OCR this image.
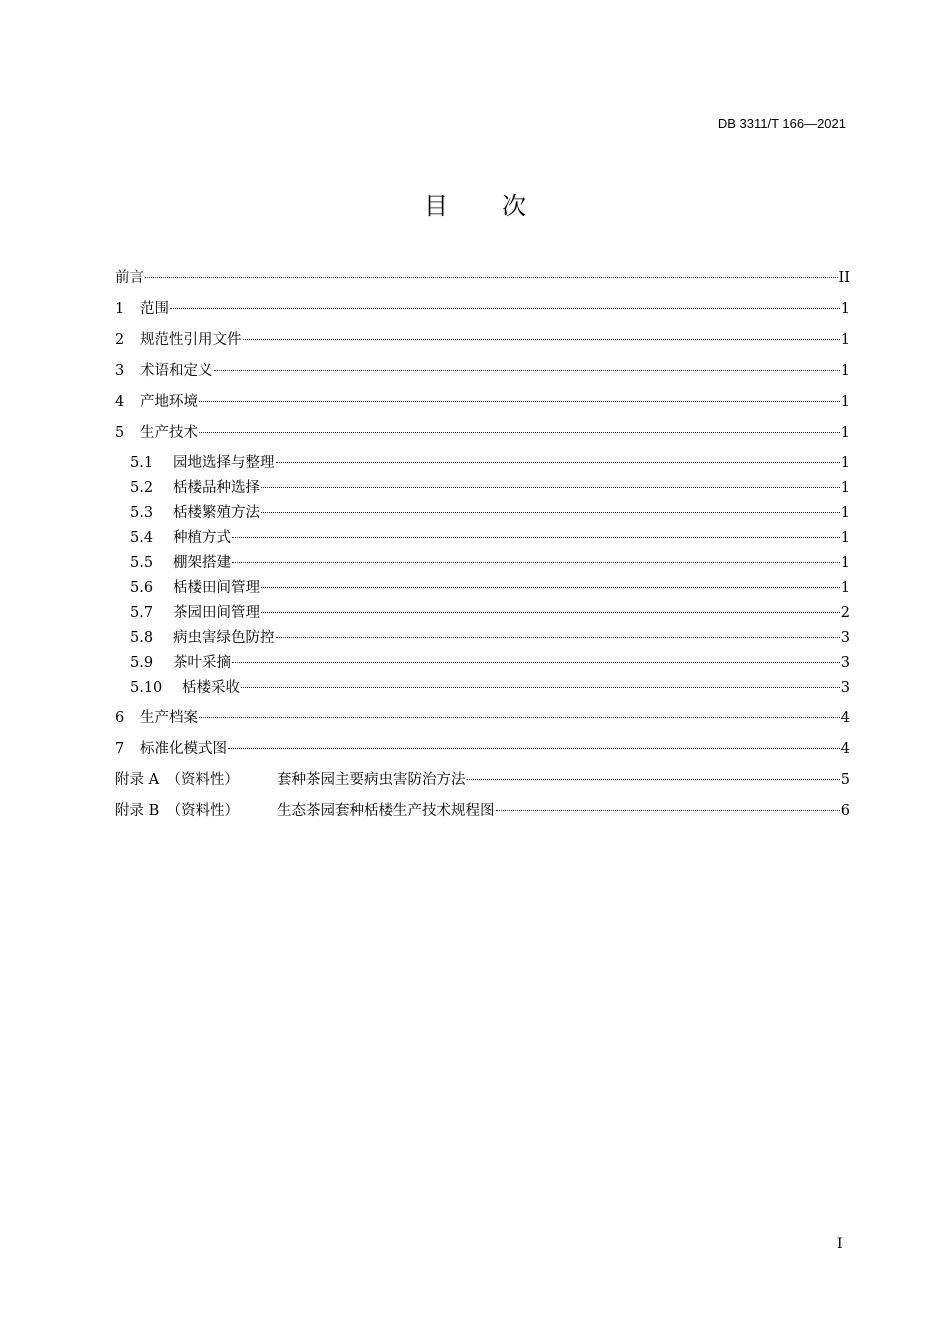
DB 3311/T 166—2021
目次
前言	II
1	范围	1
2	规范性引用文件	1
3	术语和定义	1
4	产地环境	1
5	生产技术	1
5.1	园地选择与整理	1
5.2	栝楼品种选择	1
5.3	栝楼繁殖方法	1
5.4	种植方式	1
5.5	棚架搭建	1
5.6	栝楼田间管理	1
5.7	茶园田间管理	2
5.8	病虫害绿色防控	3
5.9	茶叶采摘	3
5.10	栝楼采收	3
6	生产档案	4
7	标准化模式图	4
附录 A　（资料性）	套种茶园主要病虫害防治方法	5
附录 B　（资料性）	生态茶园套种栝楼生产技术规程图	6
I
